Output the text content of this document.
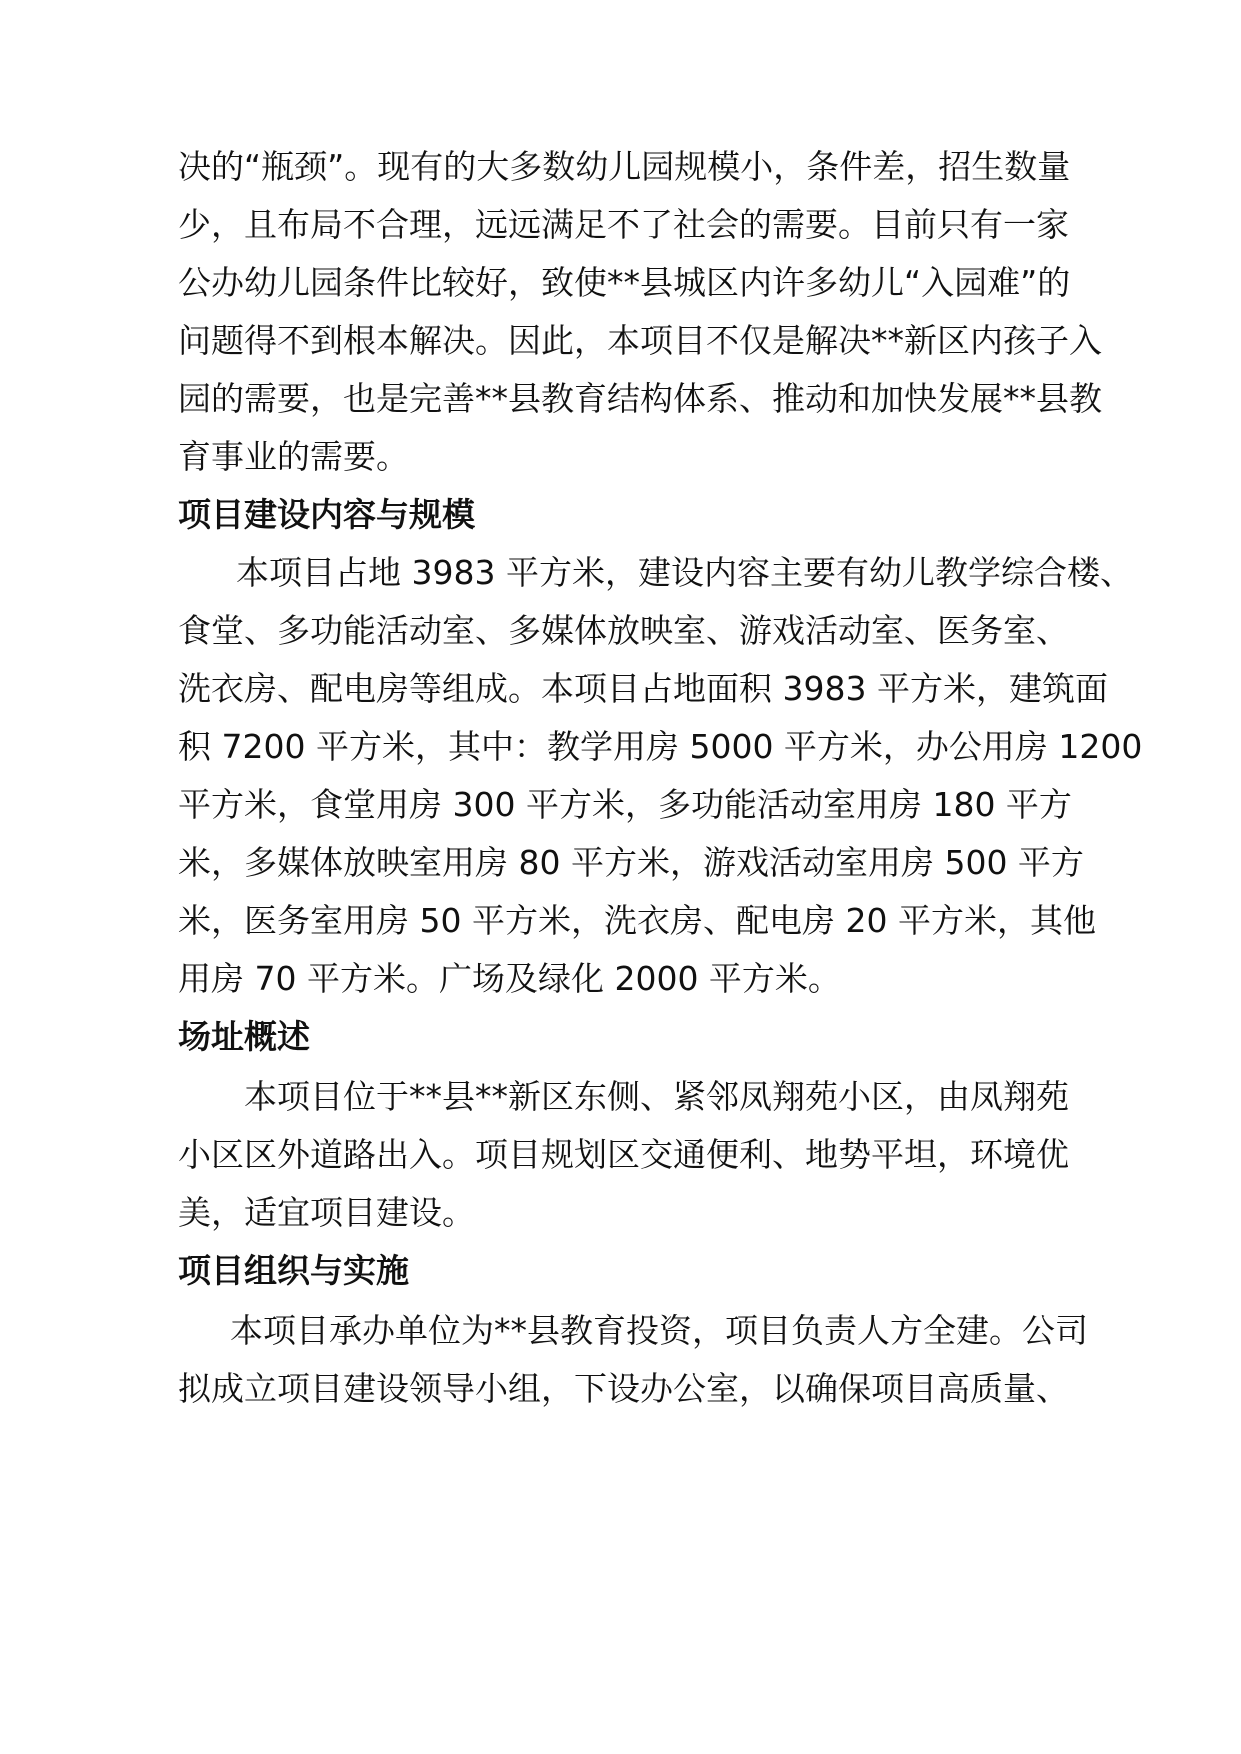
决的“瓶颈”。现有的大多数幼儿园规模小，条件差，招生数量
少，且布局不合理，远远满足不了社会的需要。目前只有一家
公办幼儿园条件比较好，致使**县城区内许多幼儿“入园难”的
问题得不到根本解决。因此，本项目不仅是解决**新区内孩子入
园的需要，也是完善**县教育结构体系、推动和加快发展**县教
育事业的需要。
项目建设内容与规模
本项目占地 3983 平方米，建设内容主要有幼儿教学综合楼、
食堂、多功能活动室、多媒体放映室、游戏活动室、医务室、
洗衣房、配电房等组成。本项目占地面积 3983 平方米，建筑面
积 7200 平方米，其中：教学用房 5000 平方米，办公用房 1200
平方米，食堂用房 300 平方米，多功能活动室用房 180 平方
米，多媒体放映室用房 80 平方米，游戏活动室用房 500 平方
米，医务室用房 50 平方米，洗衣房、配电房 20 平方米，其他
用房 70 平方米。广场及绿化 2000 平方米。
场址概述
本项目位于**县**新区东侧、紧邻凤翔苑小区，由凤翔苑
小区区外道路出入。项目规划区交通便利、地势平坦，环境优
美，适宜项目建设。
项目组织与实施
本项目承办单位为**县教育投资，项目负责人方全建。公司
拟成立项目建设领导小组，下设办公室，以确保项目高质量、
